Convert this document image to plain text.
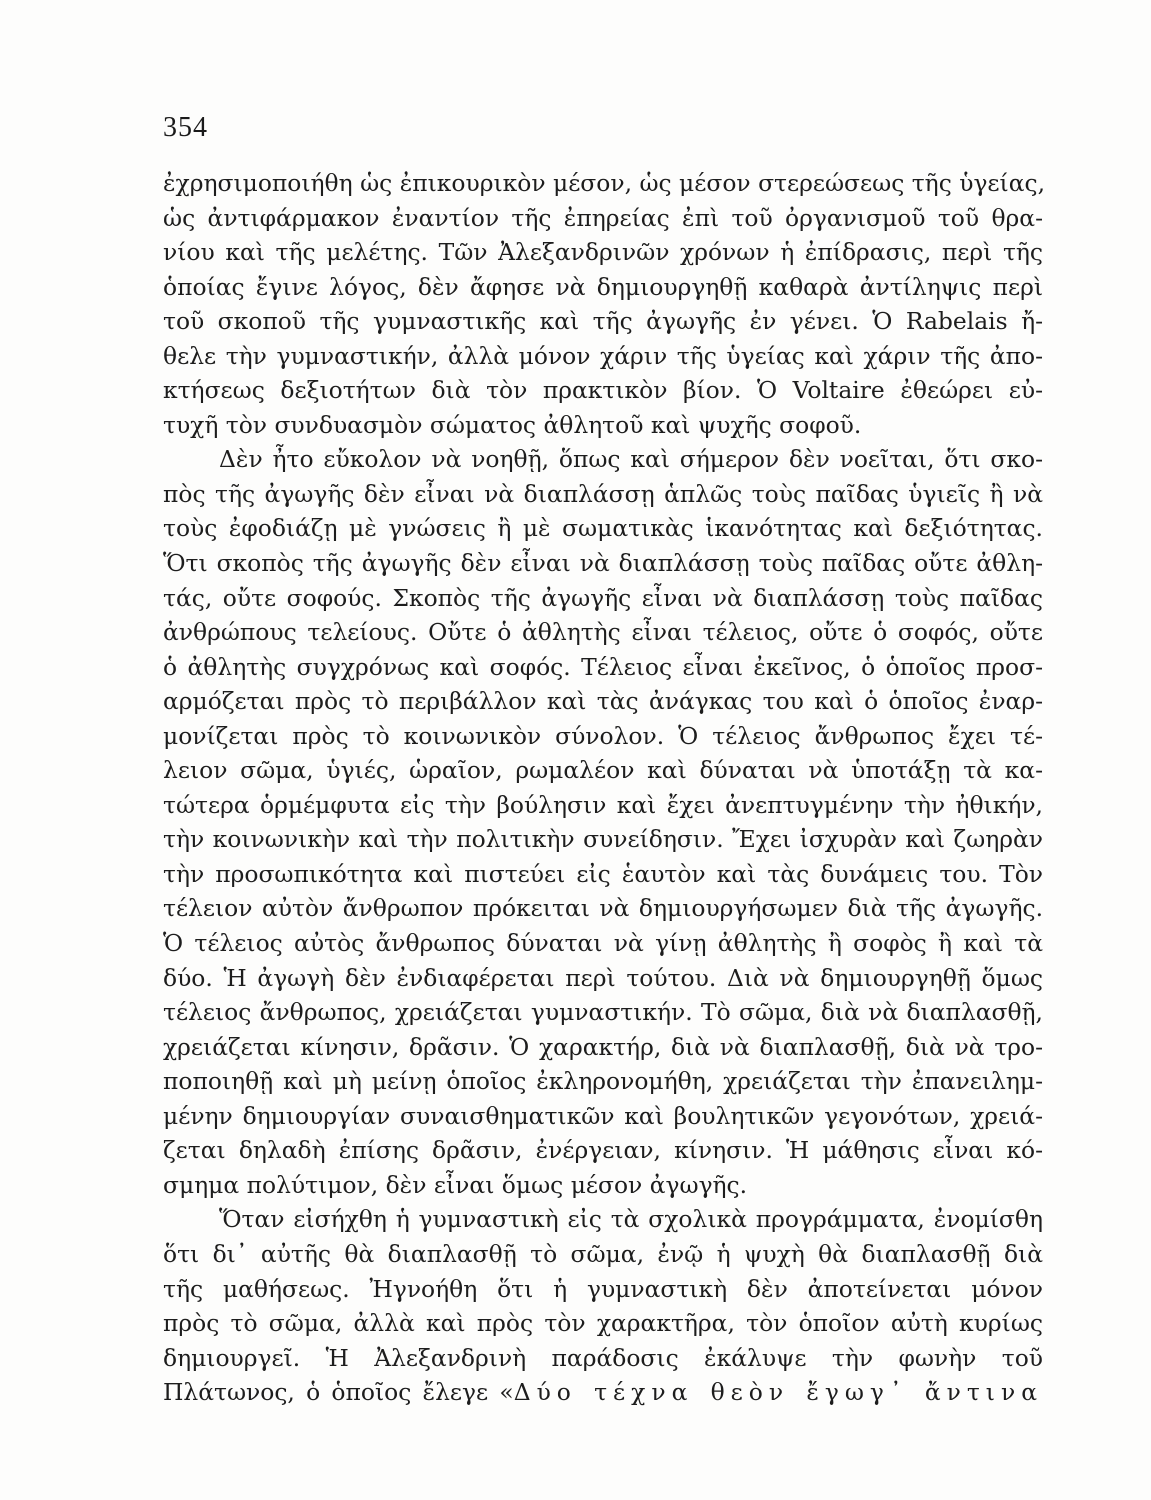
354
ἐχρησιμοποιήθη ὡς ἐπικουρικὸν μέσον, ὡς μέσον στερεώσεως τῆς ὑγείας,
ὡς ἀντιφάρμακον ἐναντίον τῆς ἐπηρείας ἐπὶ τοῦ ὀργανισμοῦ τοῦ θρα-
νίου καὶ τῆς μελέτης. Τῶν Ἀλεξανδρινῶν χρόνων ἡ ἐπίδρασις, περὶ τῆς
ὁποίας ἔγινε λόγος, δὲν ἄφησε νὰ δημιουργηθῇ καθαρὰ ἀντίληψις περὶ
τοῦ σκοποῦ τῆς γυμναστικῆς καὶ τῆς ἀγωγῆς ἐν γένει. Ὁ Rabelais ἤ-
θελε τὴν γυμναστικήν, ἀλλὰ μόνον χάριν τῆς ὑγείας καὶ χάριν τῆς ἀπο-
κτήσεως δεξιοτήτων διὰ τὸν πρακτικὸν βίον. Ὁ Voltaire ἐθεώρει εὐ-
τυχῆ τὸν συνδυασμὸν σώματος ἀθλητοῦ καὶ ψυχῆς σοφοῦ.
Δὲν ἦτο εὔκολον νὰ νοηθῇ, ὅπως καὶ σήμερον δὲν νοεῖται, ὅτι σκο-
πὸς τῆς ἀγωγῆς δὲν εἶναι νὰ διαπλάσσῃ ἁπλῶς τοὺς παῖδας ὑγιεῖς ἢ νὰ
τοὺς ἐφοδιάζῃ μὲ γνώσεις ἢ μὲ σωματικὰς ἱκανότητας καὶ δεξιότητας.
Ὅτι σκοπὸς τῆς ἀγωγῆς δὲν εἶναι νὰ διαπλάσσῃ τοὺς παῖδας οὔτε ἀθλη-
τάς, οὔτε σοφούς. Σκοπὸς τῆς ἀγωγῆς εἶναι νὰ διαπλάσσῃ τοὺς παῖδας
ἀνθρώπους τελείους. Οὔτε ὁ ἀθλητὴς εἶναι τέλειος, οὔτε ὁ σοφός, οὔτε
ὁ ἀθλητὴς συγχρόνως καὶ σοφός. Τέλειος εἶναι ἐκεῖνος, ὁ ὁποῖος προσ-
αρμόζεται πρὸς τὸ περιβάλλον καὶ τὰς ἀνάγκας του καὶ ὁ ὁποῖος ἐναρ-
μονίζεται πρὸς τὸ κοινωνικὸν σύνολον. Ὁ τέλειος ἄνθρωπος ἔχει τέ-
λειον σῶμα, ὑγιές, ὡραῖον, ρωμαλέον καὶ δύναται νὰ ὑποτάξῃ τὰ κα-
τώτερα ὁρμέμφυτα εἰς τὴν βούλησιν καὶ ἔχει ἀνεπτυγμένην τὴν ἠθικήν,
τὴν κοινωνικὴν καὶ τὴν πολιτικὴν συνείδησιν. Ἔχει ἰσχυρὰν καὶ ζωηρὰν
τὴν προσωπικότητα καὶ πιστεύει εἰς ἑαυτὸν καὶ τὰς δυνάμεις του. Τὸν
τέλειον αὐτὸν ἄνθρωπον πρόκειται νὰ δημιουργήσωμεν διὰ τῆς ἀγωγῆς.
Ὁ τέλειος αὐτὸς ἄνθρωπος δύναται νὰ γίνῃ ἀθλητὴς ἢ σοφὸς ἢ καὶ τὰ
δύο. Ἡ ἀγωγὴ δὲν ἐνδιαφέρεται περὶ τούτου. Διὰ νὰ δημιουργηθῇ ὅμως
τέλειος ἄνθρωπος, χρειάζεται γυμναστικήν. Τὸ σῶμα, διὰ νὰ διαπλασθῇ,
χρειάζεται κίνησιν, δρᾶσιν. Ὁ χαρακτήρ, διὰ νὰ διαπλασθῇ, διὰ νὰ τρο-
ποποιηθῇ καὶ μὴ μείνῃ ὁποῖος ἐκληρονομήθη, χρειάζεται τὴν ἐπανειλημ-
μένην δημιουργίαν συναισθηματικῶν καὶ βουλητικῶν γεγονότων, χρειά-
ζεται δηλαδὴ ἐπίσης δρᾶσιν, ἐνέργειαν, κίνησιν. Ἡ μάθησις εἶναι κό-
σμημα πολύτιμον, δὲν εἶναι ὅμως μέσον ἀγωγῆς.
Ὅταν εἰσήχθη ἡ γυμναστικὴ εἰς τὰ σχολικὰ προγράμματα, ἐνομίσθη
ὅτι δι᾿ αὐτῆς θὰ διαπλασθῇ τὸ σῶμα, ἐνῷ ἡ ψυχὴ θὰ διαπλασθῇ διὰ
τῆς μαθήσεως. Ἠγνοήθη ὅτι ἡ γυμναστικὴ δὲν ἀποτείνεται μόνον
πρὸς τὸ σῶμα, ἀλλὰ καὶ πρὸς τὸν χαρακτῆρα, τὸν ὁποῖον αὐτὴ κυρίως
δημιουργεῖ. Ἡ Ἀλεξανδρινὴ παράδοσις ἐκάλυψε τὴν φωνὴν τοῦ
Πλάτωνος, ὁ ὁποῖος ἔλεγε «Δύο τέχνα θεὸν ἔγωγ᾿ ἄντινα
